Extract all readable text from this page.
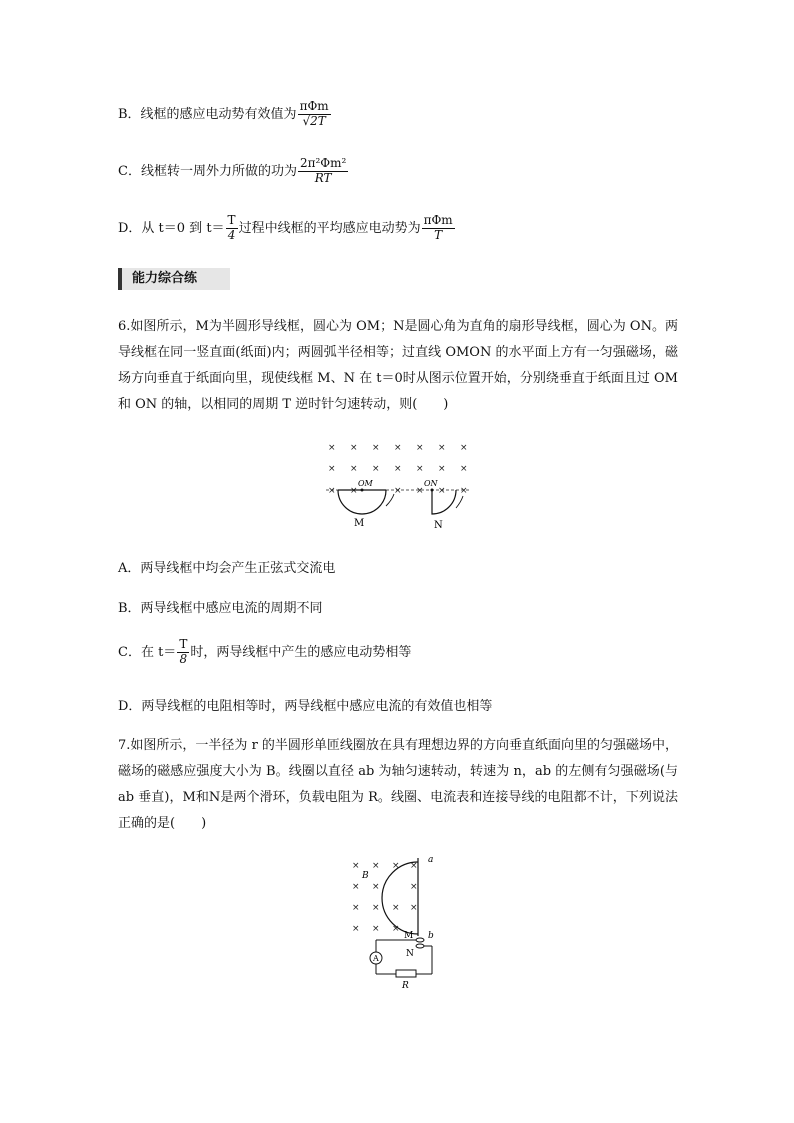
B．线框的感应电动势有效值为 $\frac{\text{πΦm}}{√2T}$
C．线框转一周外力所做的功为 $\frac{\text{2π²Φm²}}{RT}$
D．从 t＝0 到 $t= \frac{T}{4}$ 过程中线框的平均感应电动势为 $\frac{\text{πΦm}}{T}$
能力综合练
6.如图所示，M为半圆形导线框，圆心为 OM；N是圆心角为直角的扇形导线框，圆心为 ON。两导线框在同一竖直面(纸面)内；两圆弧半径相等；过直线 OMON 的水平面上方有一匀强磁场，磁场方向垂直于纸面向里，现使线框 M、N 在 t＝0时从图示位置开始，分别绕垂直于纸面且过 OM 和 ON 的轴，以相同的周期 T 逆时针匀速转动，则(　　)
× × × × × × ×
× × × × × × ×
× ×	× × × ×
OM	ON
M	N
A．两导线框中均会产生正弦式交流电
B．两导线框中感应电流的周期不同
C．在 $t= \frac{T}{8}$ 时，两导线框中产生的感应电动势相等
D．两导线框的电阻相等时，两导线框中感应电流的有效值也相等
7.如图所示，一半径为 r 的半圆形单匝线圈放在具有理想边界的方向垂直纸面向里的匀强磁场中，磁场的磁感应强度大小为 B。线圈以直径 ab 为轴匀速转动，转速为 n，ab 的左侧有匀强磁场(与 ab 垂直)，M和N是两个滑环，负载电阻为 R。线圈、电流表和连接导线的电阻都不计，下列说法正确的是(　　)
× × × ×
× ×	×
× × × ×
× × ×
a
b
B
M
N
A
R
